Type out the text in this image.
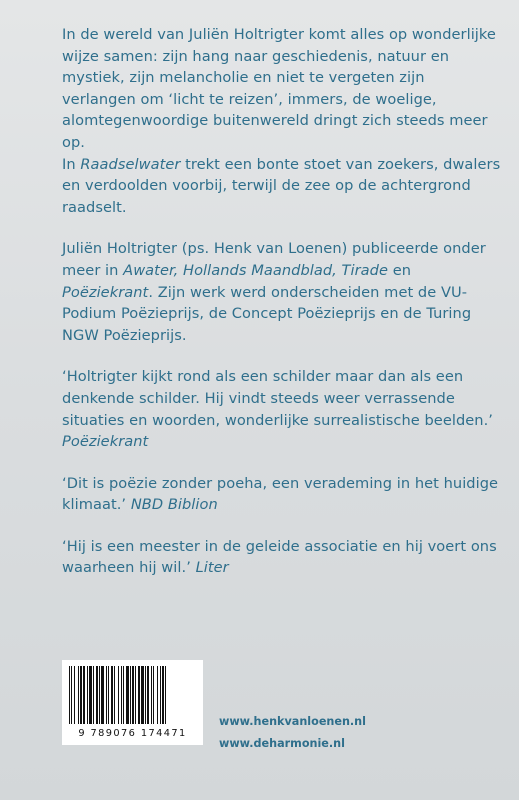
In de wereld van Juliën Holtrigter komt alles op wonderlijke wijze samen: zijn hang naar geschiedenis, natuur en mystiek, zijn melancholie en niet te vergeten zijn verlangen om ‘licht te reizen’, immers, de woelige, alomtegenwoordige buitenwereld dringt zich steeds meer op.
In Raadselwater trekt een bonte stoet van zoekers, dwalers en verdoolden voorbij, terwijl de zee op de achtergrond raadselt.

Juliën Holtrigter (ps. Henk van Loenen) publiceerde onder meer in Awater, Hollands Maandblad, Tirade en Poëziekrant. Zijn werk werd onderscheiden met de VU-Podium Poëzieprijs, de Concept Poëzieprijs en de Turing NGW Poëzieprijs.

‘Holtrigter kijkt rond als een schilder maar dan als een denkende schilder. Hij vindt steeds weer verrassende situaties en woorden, wonderlijke surrealistische beelden.’ Poëziekrant

‘Dit is poëzie zonder poeha, een verademing in het huidige klimaat.’ NBD Biblion

‘Hij is een meester in de geleide associatie en hij voert ons waarheen hij wil.’ Liter

9 789076 174471
www.henkvanloenen.nl
www.deharmonie.nl
